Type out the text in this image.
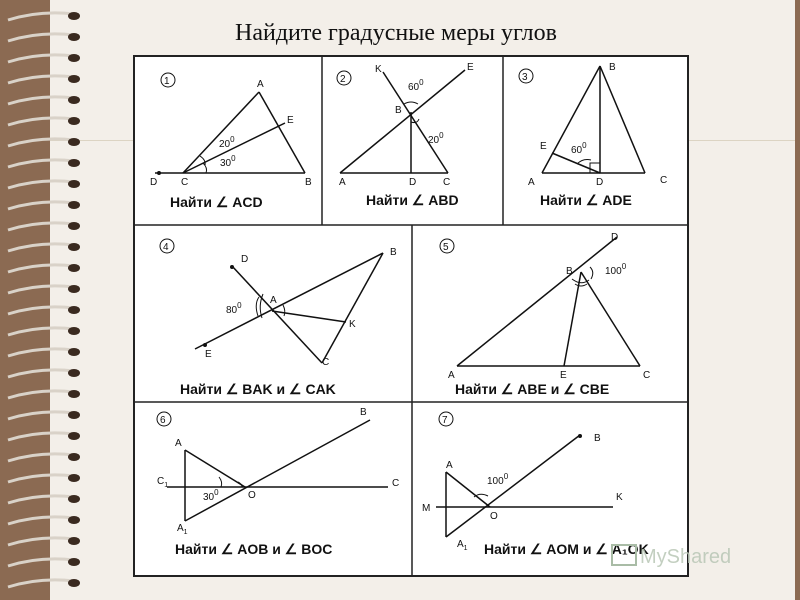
Найдите градусные меры углов
1	A
E
D C	B
$20^0$
$30^0$
Найти ∠ ACD
2
K	E
B
A	D	C
$60^0$
$20^0$
Найти ∠ ABD
3
B
E
A	D	C
$60^0$
Найти ∠ ADE
4
D
B
A
K
E
C
$80^0$
Найти ∠ BAK и ∠ CAK
5
D
B
A	E	C
$100^0$
Найти ∠ ABE и ∠ CBE
6
B
A
$C_1$	C
O
$A_1$
$30^0$
Найти ∠ AOB и ∠ BOC
7
B
A
M
K
O
$A_1$
$100^0$
Найти ∠ AOM и ∠ A₁OK
MyShared
